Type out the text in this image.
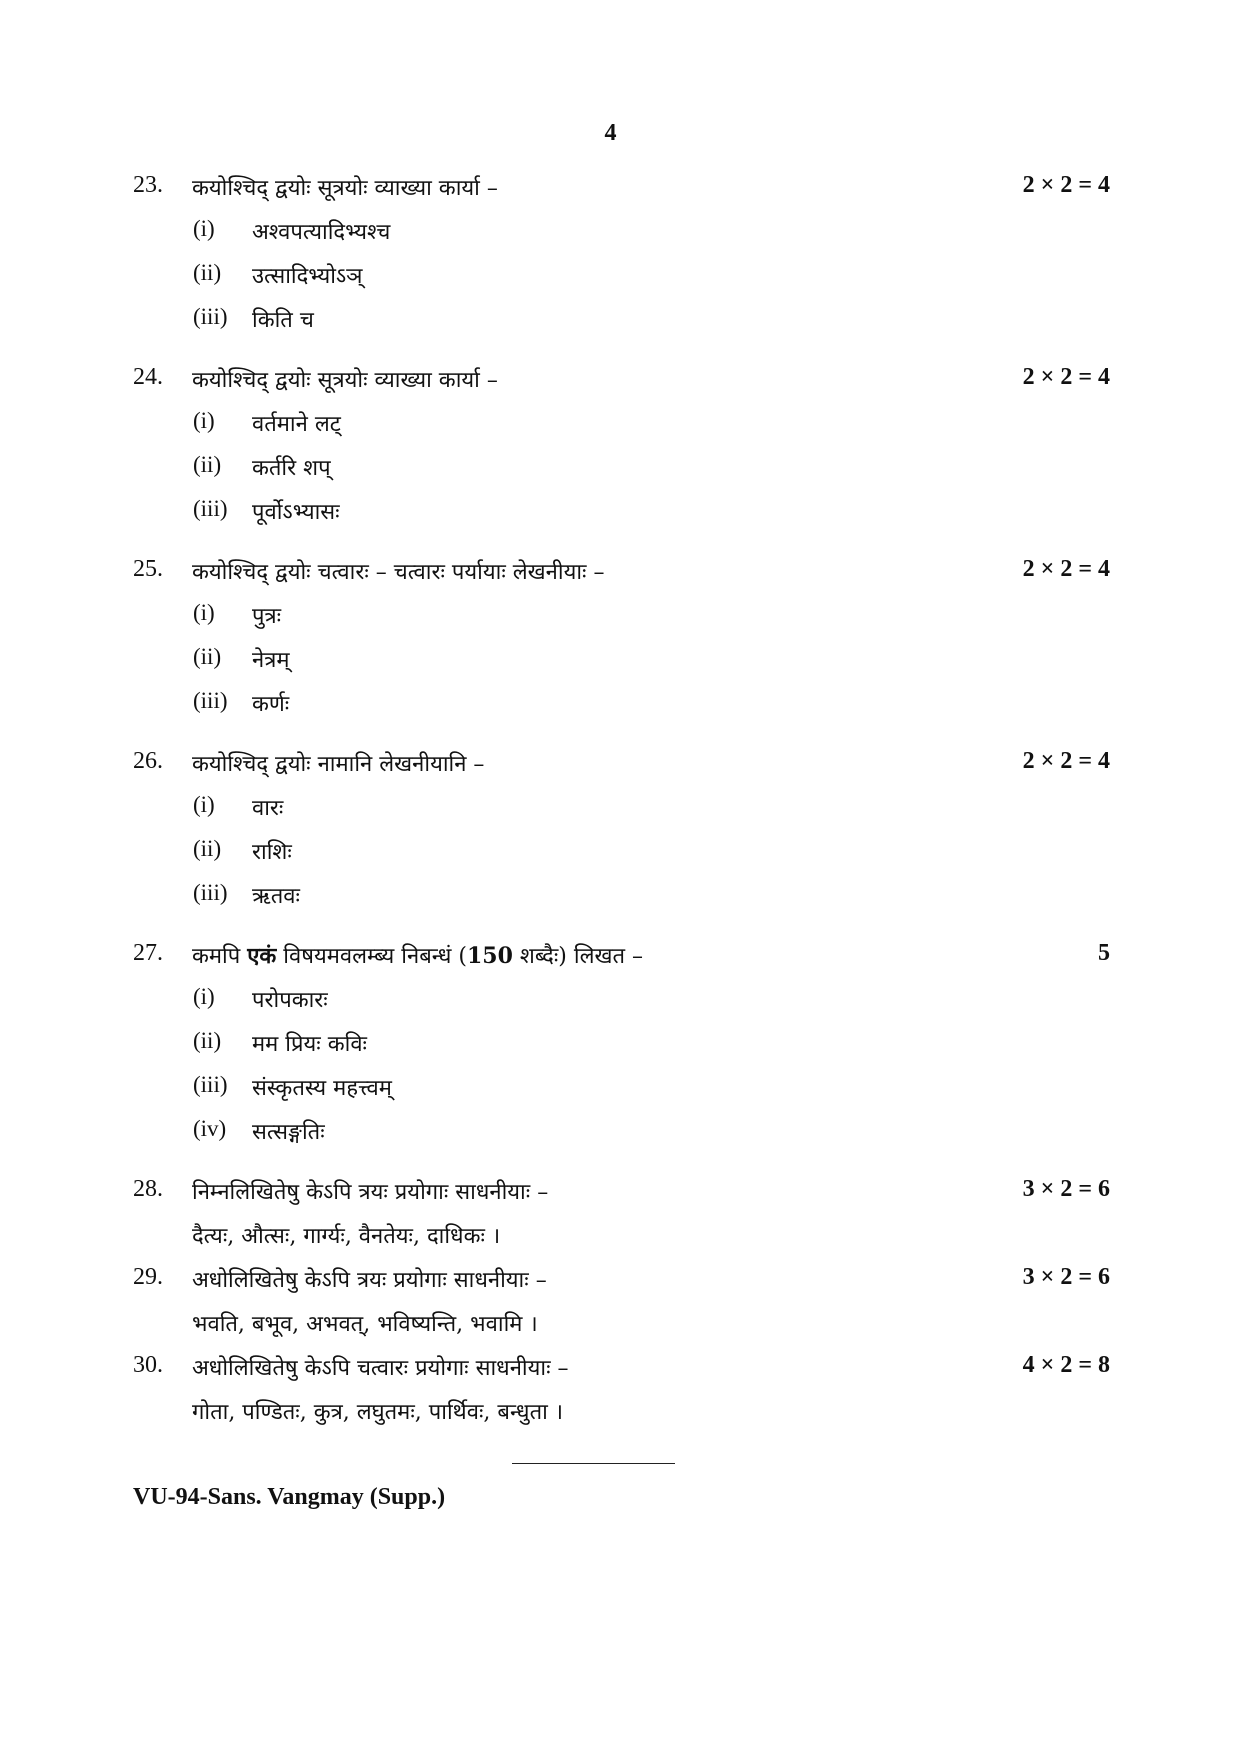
4
23. कयोश्चिद् द्वयोः सूत्रयोः व्याख्या कार्या –	2 × 2 = 4
(i) अश्वपत्यादिभ्यश्च
(ii) उत्सादिभ्योऽञ्
(iii) किति च
24. कयोश्चिद् द्वयोः सूत्रयोः व्याख्या कार्या –	2 × 2 = 4
(i) वर्तमाने लट्
(ii) कर्तरि शप्
(iii) पूर्वोऽभ्यासः
25. कयोश्चिद् द्वयोः चत्वारः – चत्वारः पर्यायाः लेखनीयाः –	2 × 2 = 4
(i) पुत्रः
(ii) नेत्रम्
(iii) कर्णः
26. कयोश्चिद् द्वयोः नामानि लेखनीयानि –	2 × 2 = 4
(i) वारः
(ii) राशिः
(iii) ऋतवः
27. कमपि एकं विषयमवलम्ब्य निबन्धं (150 शब्दैः) लिखत –	5
(i) परोपकारः
(ii) मम प्रियः कविः
(iii) संस्कृतस्य महत्त्वम्
(iv) सत्सङ्गतिः
28. निम्नलिखितेषु केऽपि त्रयः प्रयोगाः साधनीयाः –	3 × 2 = 6
दैत्यः, औत्सः, गार्ग्यः, वैनतेयः, दाधिकः ।
29. अधोलिखितेषु केऽपि त्रयः प्रयोगाः साधनीयाः –	3 × 2 = 6
भवति, बभूव, अभवत्, भविष्यन्ति, भवामि ।
30. अधोलिखितेषु केऽपि चत्वारः प्रयोगाः साधनीयाः –	4 × 2 = 8
गोता, पण्डितः, कुत्र, लघुतमः, पार्थिवः, बन्धुता ।
VU-94-Sans. Vangmay (Supp.)
